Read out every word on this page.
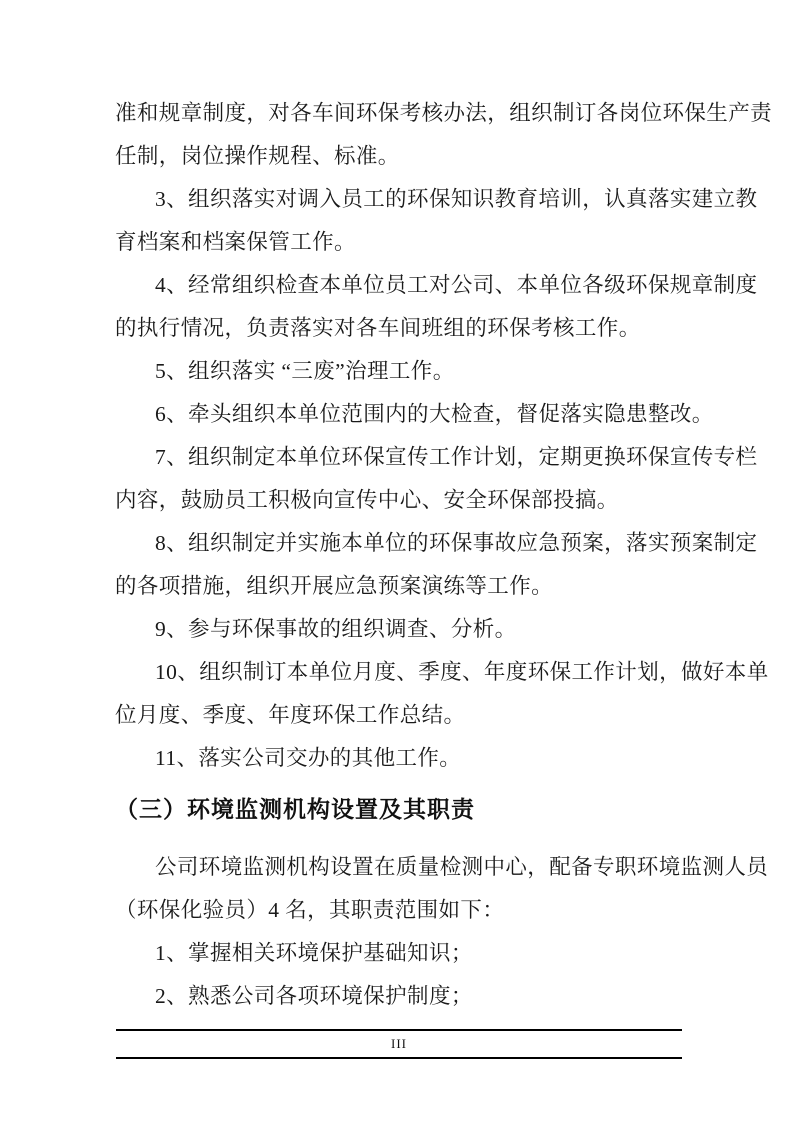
准和规章制度，对各车间环保考核办法，组织制订各岗位环保生产责
任制，岗位操作规程、标准。
3、组织落实对调入员工的环保知识教育培训，认真落实建立教
育档案和档案保管工作。
4、经常组织检查本单位员工对公司、本单位各级环保规章制度
的执行情况，负责落实对各车间班组的环保考核工作。
5、组织落实 “三废”治理工作。
6、牵头组织本单位范围内的大检查，督促落实隐患整改。
7、组织制定本单位环保宣传工作计划，定期更换环保宣传专栏
内容，鼓励员工积极向宣传中心、安全环保部投搞。
8、组织制定并实施本单位的环保事故应急预案，落实预案制定
的各项措施，组织开展应急预案演练等工作。
9、参与环保事故的组织调查、分析。
10、组织制订本单位月度、季度、年度环保工作计划，做好本单
位月度、季度、年度环保工作总结。
11、落实公司交办的其他工作。
（三）环境监测机构设置及其职责
公司环境监测机构设置在质量检测中心，配备专职环境监测人员
（环保化验员）4 名，其职责范围如下：
1、掌握相关环境保护基础知识；
2、熟悉公司各项环境保护制度；
III
